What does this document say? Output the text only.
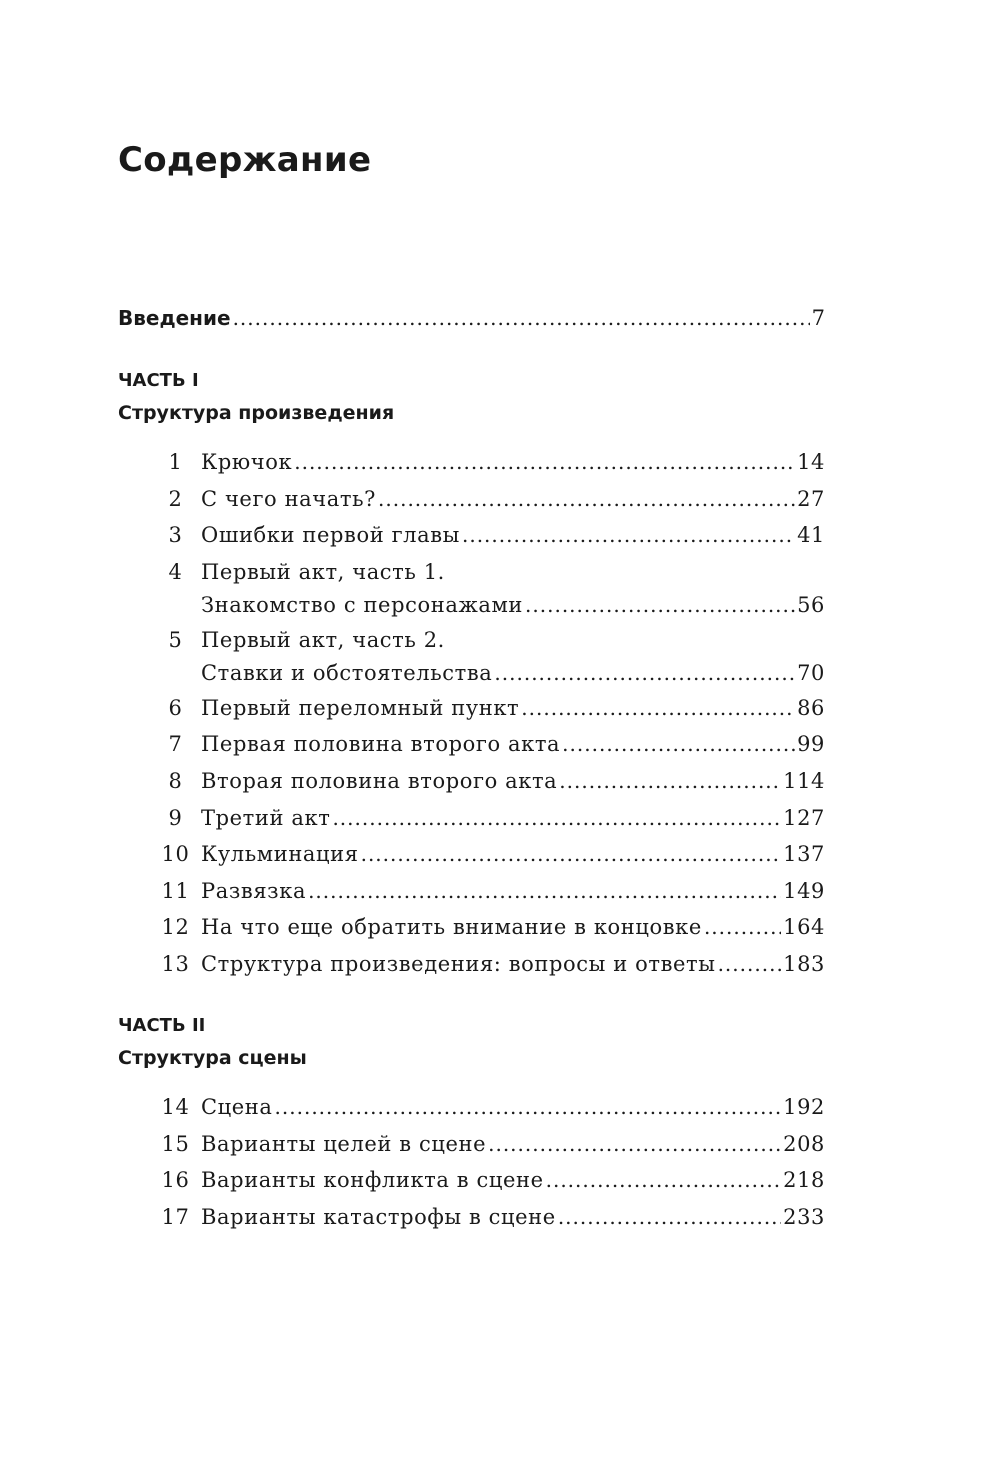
Содержание
Введение .....	7
ЧАСТЬ I
Структура произведения
1 Крючок .....	14
2 С чего начать? .....	27
3 Ошибки первой главы .....	41
4 Первый акт, часть 1.
Знакомство с персонажами .....	56
5 Первый акт, часть 2.
Ставки и обстоятельства .....	70
6 Первый переломный пункт .....	86
7 Первая половина второго акта .....	99
8 Вторая половина второго акта .....	114
9 Третий акт .....	127
10 Кульминация .....	137
11 Развязка .....	149
12 На что еще обратить внимание в концовке .....	164
13 Структура произведения: вопросы и ответы .....	183
ЧАСТЬ II
Структура сцены
14 Сцена .....	192
15 Варианты целей в сцене .....	208
16 Варианты конфликта в сцене .....	218
17 Варианты катастрофы в сцене .....	233
